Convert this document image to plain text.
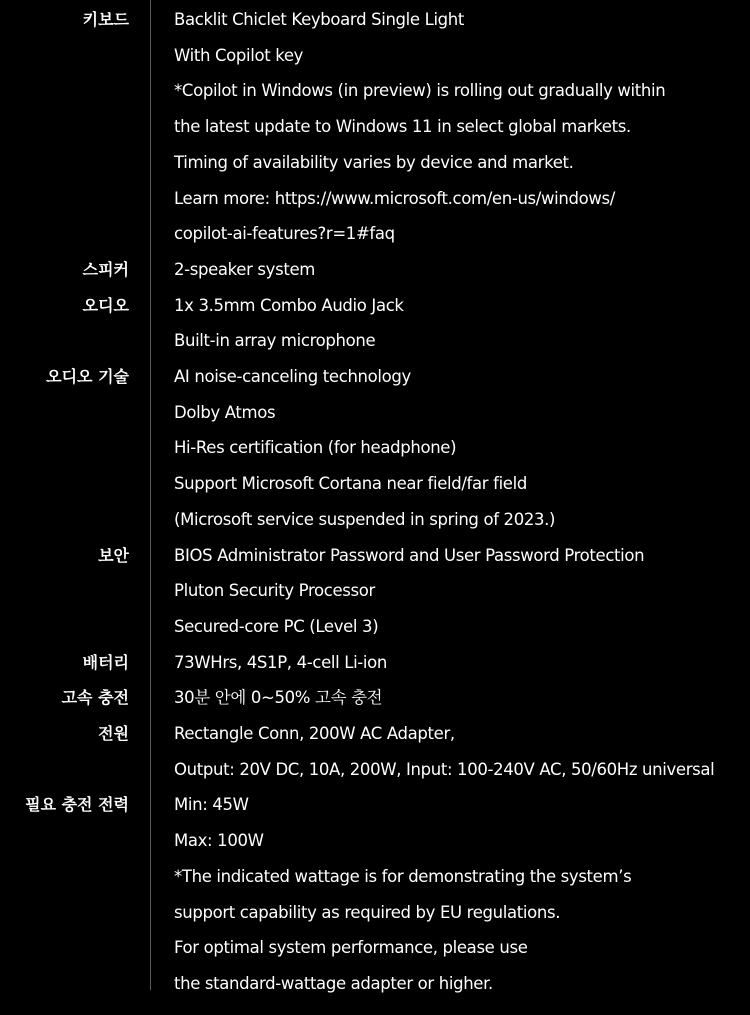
키보드	Backlit Chiclet Keyboard Single Light
With Copilot key
*Copilot in Windows (in preview) is rolling out gradually within
the latest update to Windows 11 in select global markets.
Timing of availability varies by device and market.
Learn more: https://www.microsoft.com/en-us/windows/
copilot-ai-features?r=1#faq
스피커	2-speaker system
오디오	1x 3.5mm Combo Audio Jack
Built-in array microphone
오디오 기술	AI noise-canceling technology
Dolby Atmos
Hi-Res certification (for headphone)
Support Microsoft Cortana near field/far field
(Microsoft service suspended in spring of 2023.)
보안	BIOS Administrator Password and User Password Protection
Pluton Security Processor
Secured-core PC (Level 3)
배터리	73WHrs, 4S1P, 4-cell Li-ion
고속 충전	30분 안에 0~50% 고속 충전
전원	Rectangle Conn, 200W AC Adapter,
Output: 20V DC, 10A, 200W, Input: 100-240V AC, 50/60Hz universal
필요 충전 전력	Min: 45W
Max: 100W
*The indicated wattage is for demonstrating the system’s
support capability as required by EU regulations.
For optimal system performance, please use
the standard-wattage adapter or higher.
